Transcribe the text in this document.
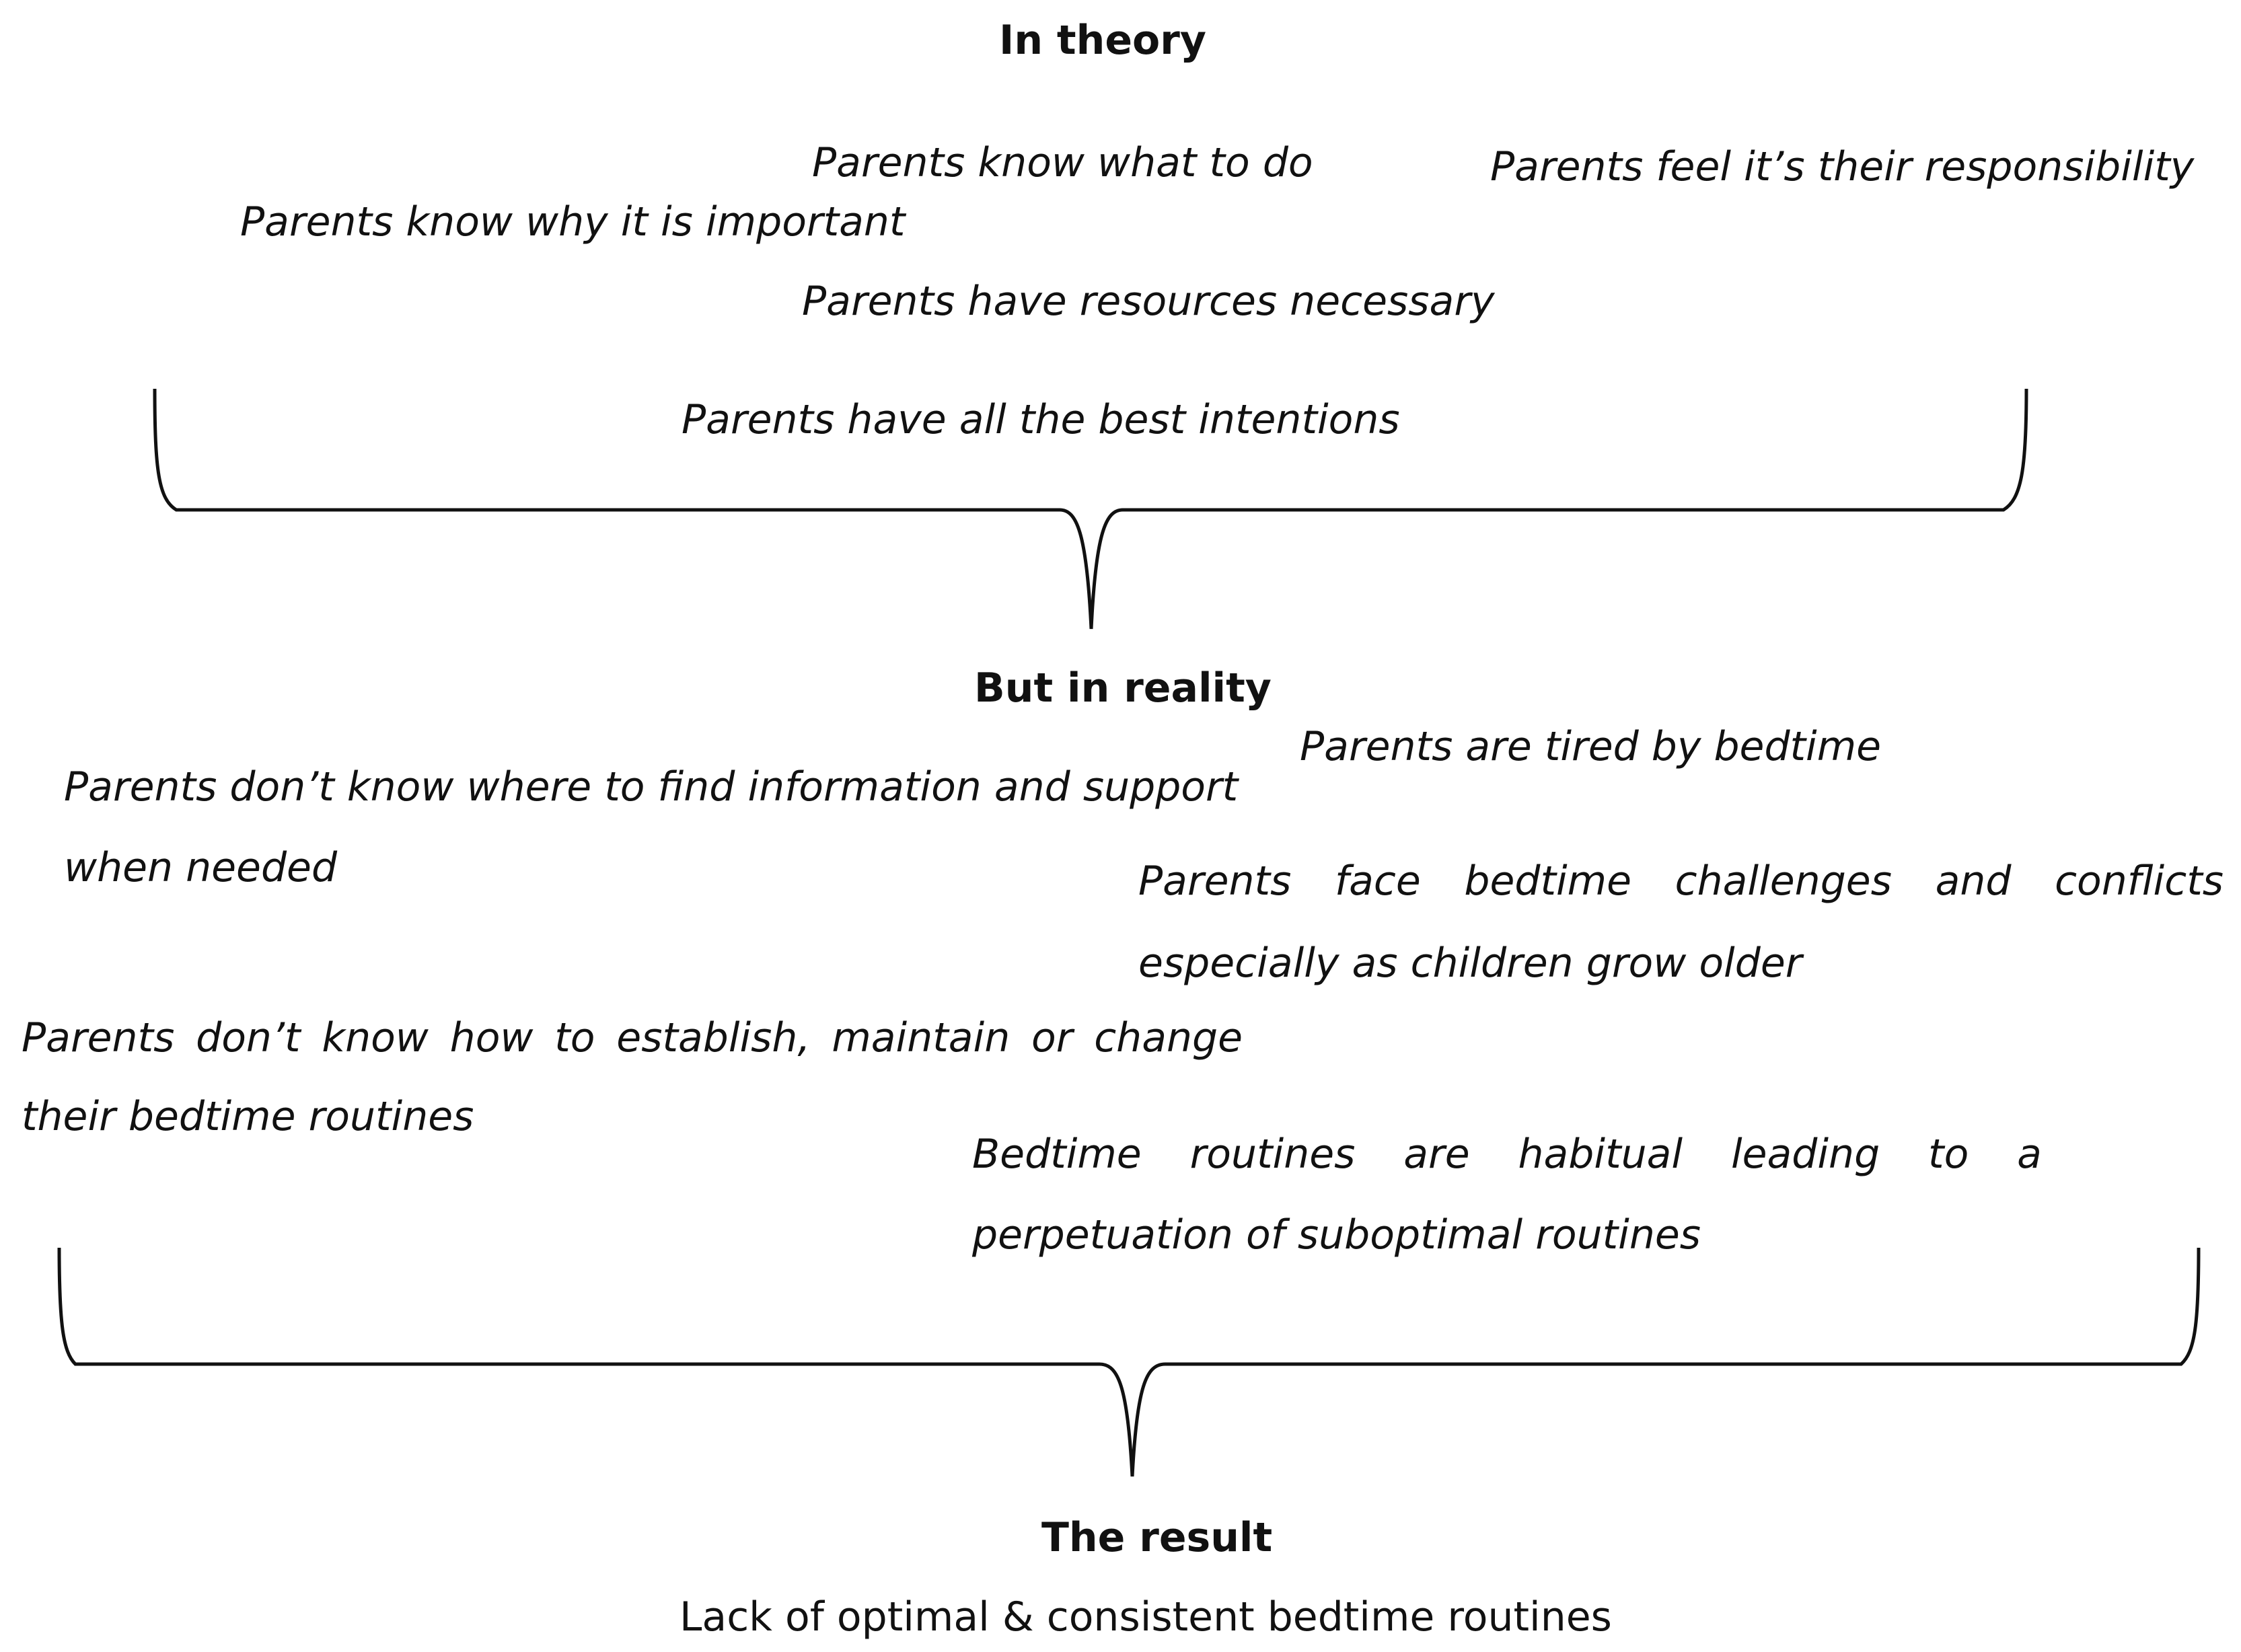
In theory
Parents know what to do	Parents feel it’s their responsibility
Parents know why it is important
Parents have resources necessary
Parents have all the best intentions
But in reality
Parents are tired by bedtime
Parents don’t know where to find information and support
when needed	Parents face bedtime challenges and conflicts
especially as children grow older
Parents don’t know how to establish, maintain or change
their bedtime routines
Bedtime routines are habitual leading to a
perpetuation of suboptimal routines
The result
Lack of optimal & consistent bedtime routines
